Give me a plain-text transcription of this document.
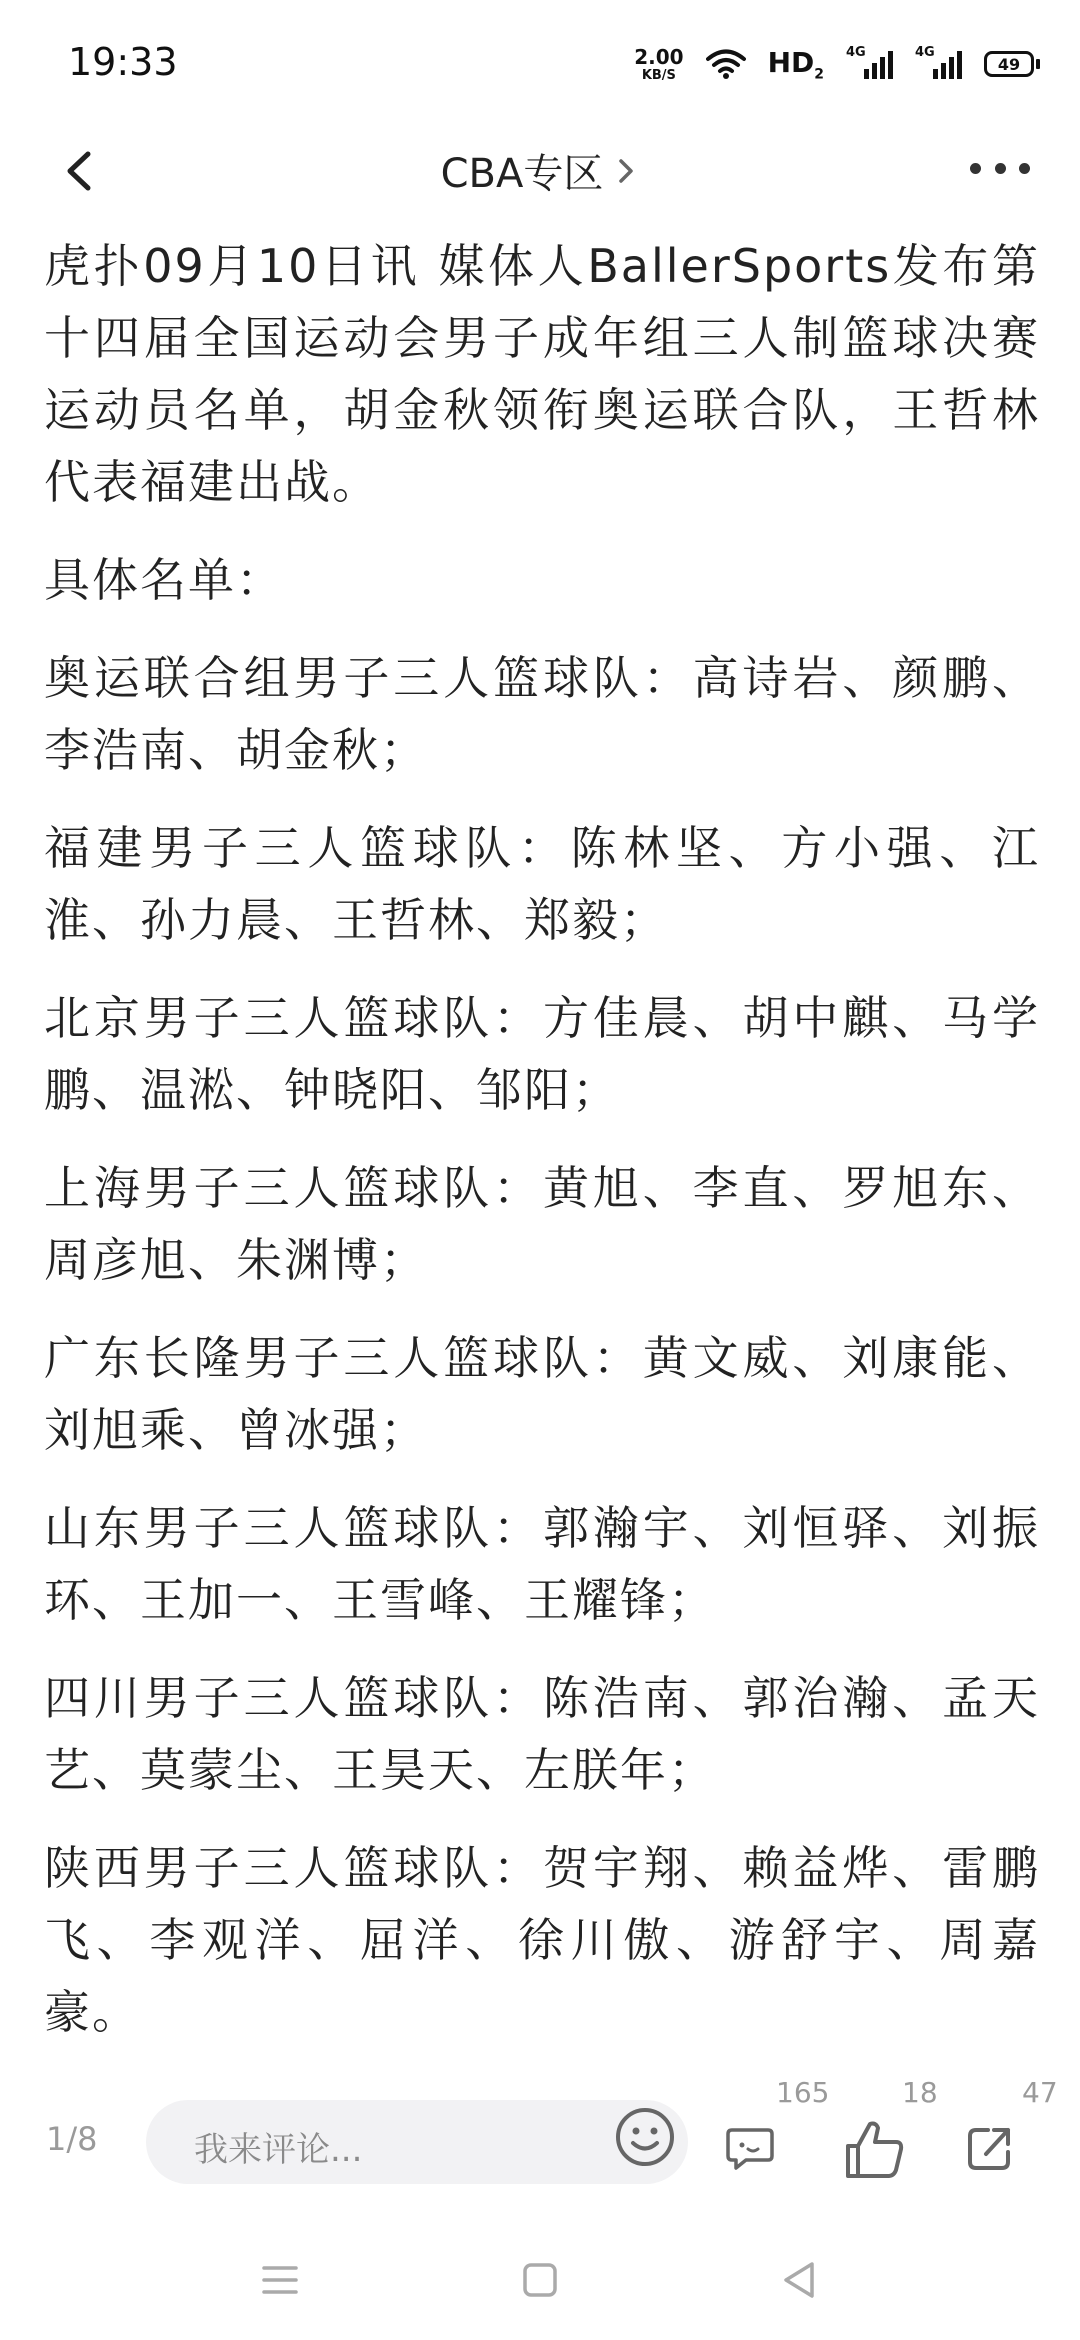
19:33	2.00
KB/S	$HD_2$
4G	4G
49
CBA专区

虎扑09月10日讯 媒体人BallerSports发布第十四届全国运动会男子成年组三人制篮球决赛运动员名单，胡金秋领衔奥运联合队，王哲林代表福建出战。

具体名单：

奥运联合组男子三人篮球队：高诗岩、颜鹏、李浩南、胡金秋；

福建男子三人篮球队：陈林坚、方小强、江淮、孙力晨、王哲林、郑毅；

北京男子三人篮球队：方佳晨、胡中麒、马学鹏、温淞、钟晓阳、邹阳；

上海男子三人篮球队：黄旭、李直、罗旭东、周彦旭、朱渊博；

广东长隆男子三人篮球队：黄文威、刘康能、刘旭乘、曾冰强；

山东男子三人篮球队：郭瀚宇、刘恒驿、刘振环、王加一、王雪峰、王耀锋；

四川男子三人篮球队：陈浩南、郭治瀚、孟天艺、莫蒙尘、王昊天、左朕年；

陕西男子三人篮球队：贺宇翔、赖益烨、雷鹏飞、李观洋、屈洋、徐川傲、游舒宇、周嘉豪。

1/8	我来评论...
165	18	47
